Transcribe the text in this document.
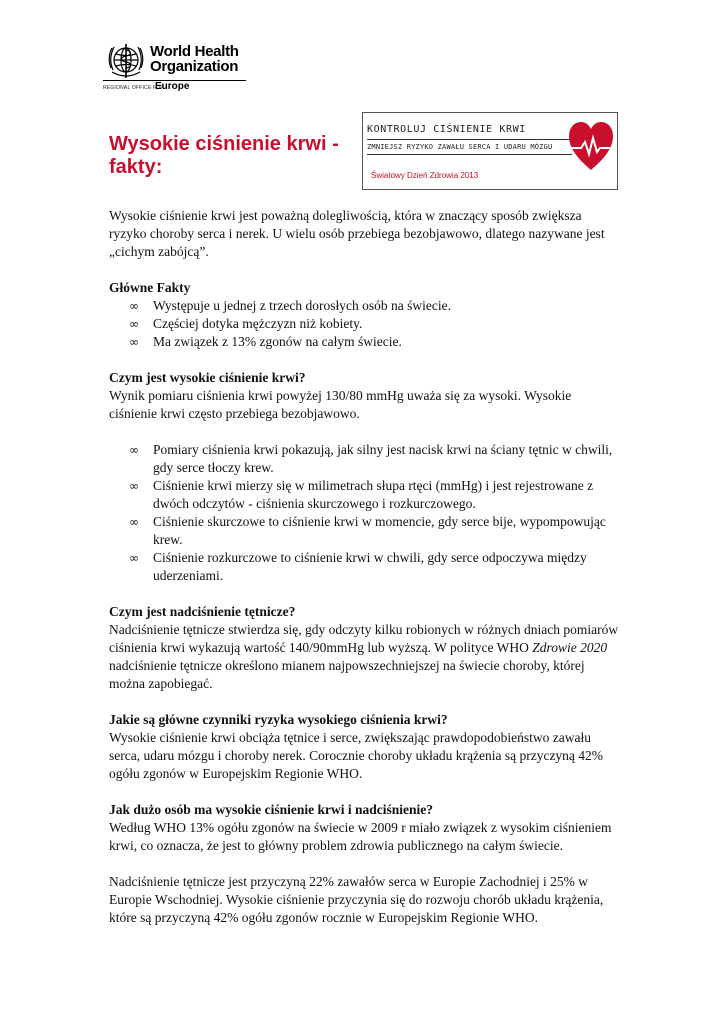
World Health
Organization
REGIONAL OFFICE FOR
Europe
Wysokie ciśnienie krwi - fakty:
KONTROLUJ CIŚNIENIE KRWI
ZMNIEJSZ RYZYKO ZAWAŁU SERCA I UDARU MÓZGU
Światowy Dzień Zdrowia 2013

Wysokie ciśnienie krwi jest poważną dolegliwością, która w znaczący sposób zwiększa ryzyko choroby serca i nerek. U wielu osób przebiega bezobjawowo, dlatego nazywane jest „cichym zabójcą”.

Główne Fakty

∞ Występuje u jednej z trzech dorosłych osób na świecie.
∞ Częściej dotyka mężczyzn niż kobiety.
∞ Ma związek z 13% zgonów na całym świecie.

Czym jest wysokie ciśnienie krwi?

Wynik pomiaru ciśnienia krwi powyżej 130/80 mmHg uważa się za wysoki. Wysokie ciśnienie krwi często przebiega bezobjawowo.

∞ Pomiary ciśnienia krwi pokazują, jak silny jest nacisk krwi na ściany tętnic w chwili, gdy serce tłoczy krew.
∞ Ciśnienie krwi mierzy się w milimetrach słupa rtęci (mmHg) i jest rejestrowane z dwóch odczytów - ciśnienia skurczowego i rozkurczowego.
∞ Ciśnienie skurczowe to ciśnienie krwi w momencie, gdy serce bije, wypompowując krew.
∞ Ciśnienie rozkurczowe to ciśnienie krwi w chwili, gdy serce odpoczywa między uderzeniami.

Czym jest nadciśnienie tętnicze?

Nadciśnienie tętnicze stwierdza się, gdy odczyty kilku robionych w różnych dniach pomiarów ciśnienia krwi wykazują wartość 140/90mmHg lub wyższą. W polityce WHO Zdrowie 2020 nadciśnienie tętnicze określono mianem najpowszechniejszej na świecie choroby, której można zapobiegać.

Jakie są główne czynniki ryzyka wysokiego ciśnienia krwi?

Wysokie ciśnienie krwi obciąża tętnice i serce, zwiększając prawdopodobieństwo zawału serca, udaru mózgu i choroby nerek. Corocznie choroby układu krążenia są przyczyną 42% ogółu zgonów w Europejskim Regionie WHO.

Jak dużo osób ma wysokie ciśnienie krwi i nadciśnienie?

Według WHO 13% ogółu zgonów na świecie w 2009 r miało związek z wysokim ciśnieniem krwi, co oznacza, że jest to główny problem zdrowia publicznego na całym świecie.

Nadciśnienie tętnicze jest przyczyną 22% zawałów serca w Europie Zachodniej i 25% w Europie Wschodniej. Wysokie ciśnienie przyczynia się do rozwoju chorób układu krążenia, które są przyczyną 42% ogółu zgonów rocznie w Europejskim Regionie WHO.
